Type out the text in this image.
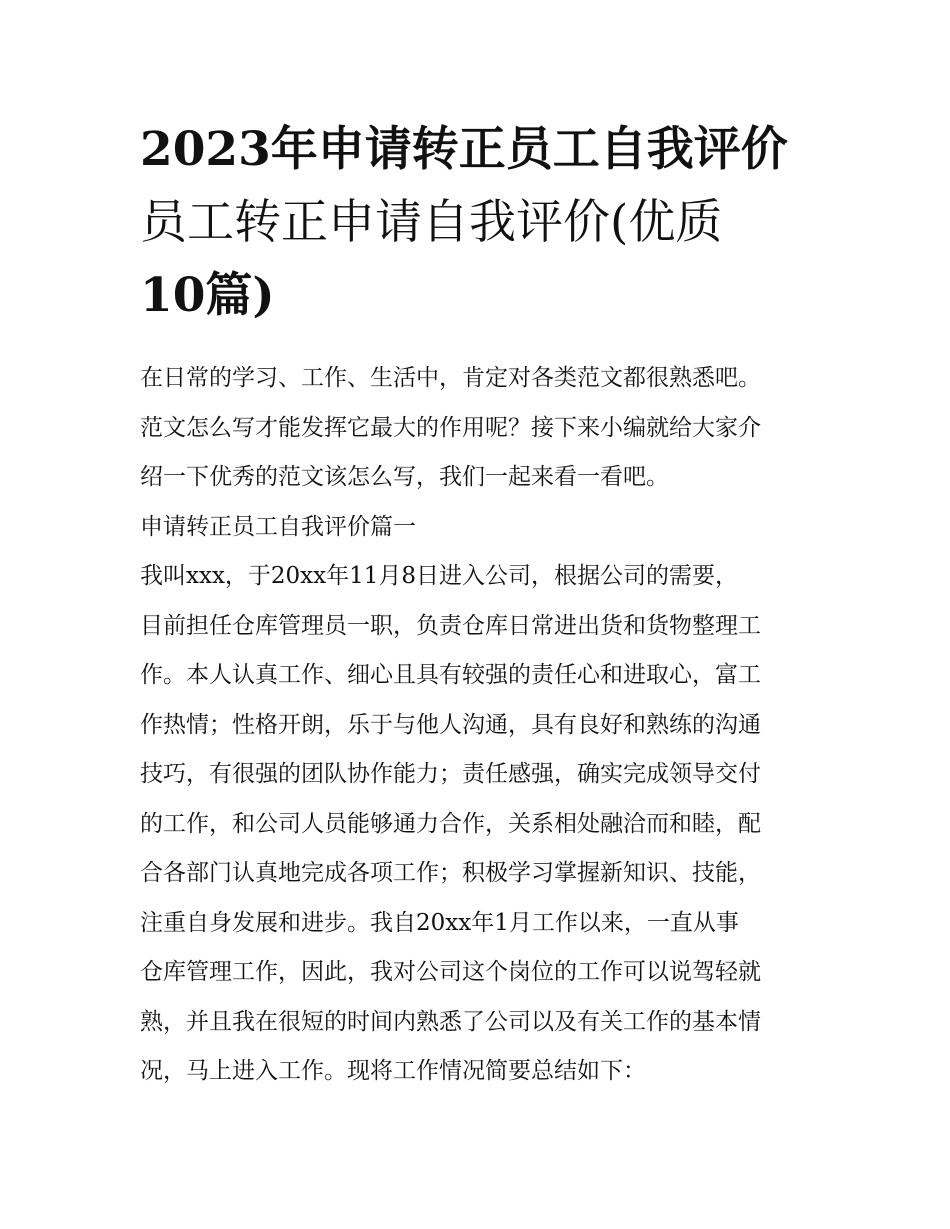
2023年申请转正员工自我评价
员工转正申请自我评价(优质
10篇)
在日常的学习、工作、生活中，肯定对各类范文都很熟悉吧。
范文怎么写才能发挥它最大的作用呢？接下来小编就给大家介
绍一下优秀的范文该怎么写，我们一起来看一看吧。
申请转正员工自我评价篇一
我叫xxx，于20xx年11月8日进入公司，根据公司的需要，
目前担任仓库管理员一职，负责仓库日常进出货和货物整理工
作。本人认真工作、细心且具有较强的责任心和进取心，富工
作热情；性格开朗，乐于与他人沟通，具有良好和熟练的沟通
技巧，有很强的团队协作能力；责任感强，确实完成领导交付
的工作，和公司人员能够通力合作，关系相处融洽而和睦，配
合各部门认真地完成各项工作；积极学习掌握新知识、技能，
注重自身发展和进步。我自20xx年1月工作以来，一直从事
仓库管理工作，因此，我对公司这个岗位的工作可以说驾轻就
熟，并且我在很短的时间内熟悉了公司以及有关工作的基本情
况，马上进入工作。现将工作情况简要总结如下：
